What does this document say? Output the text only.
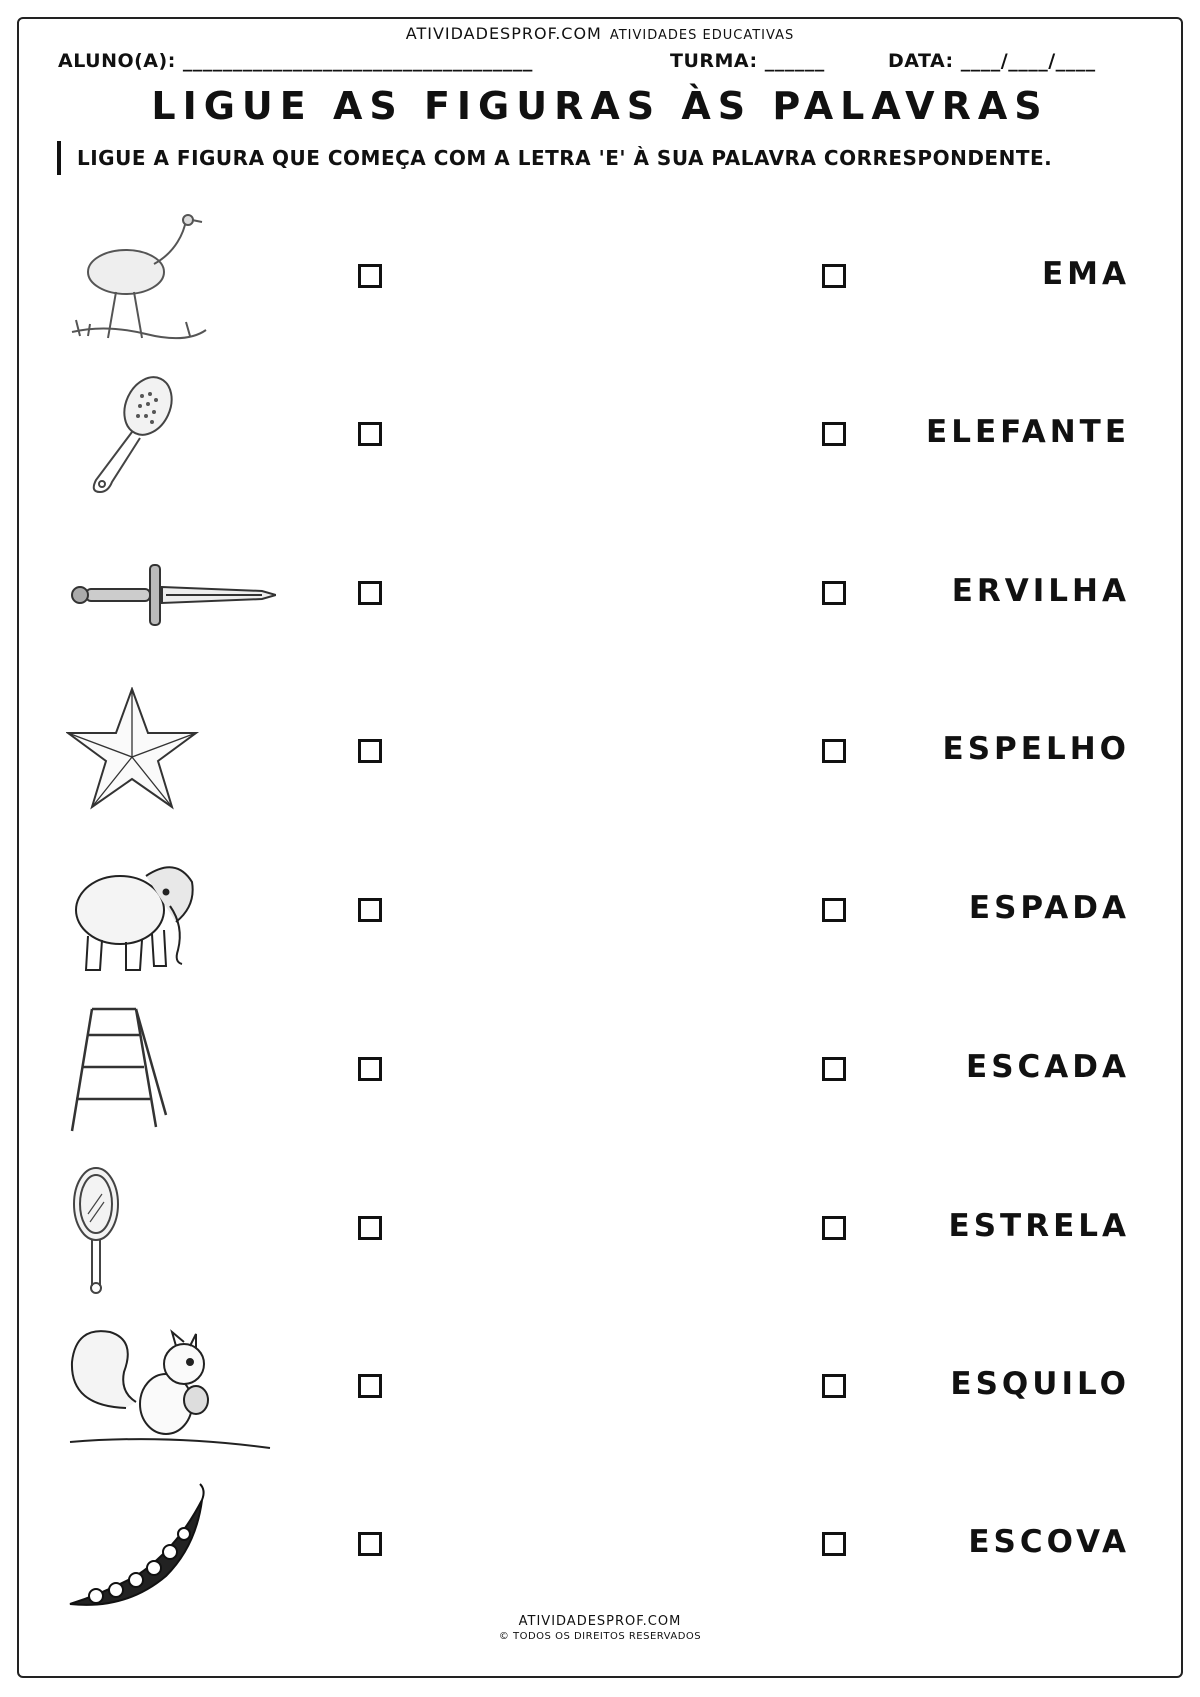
ATIVIDADESPROF.COM ATIVIDADES EDUCATIVAS
ALUNO(A): ___________________________________	TURMA: ______	DATA: ____/____/____
LIGUE AS FIGURAS ÀS PALAVRAS
LIGUE A FIGURA QUE COMEÇA COM A LETRA 'E' À SUA PALAVRA CORRESPONDENTE.
EMA
ELEFANTE
ERVILHA
ESPELHO
ESPADA
ESCADA
ESTRELA
ESQUILO
ESCOVA
ATIVIDADESPROF.COM
© TODOS OS DIREITOS RESERVADOS
